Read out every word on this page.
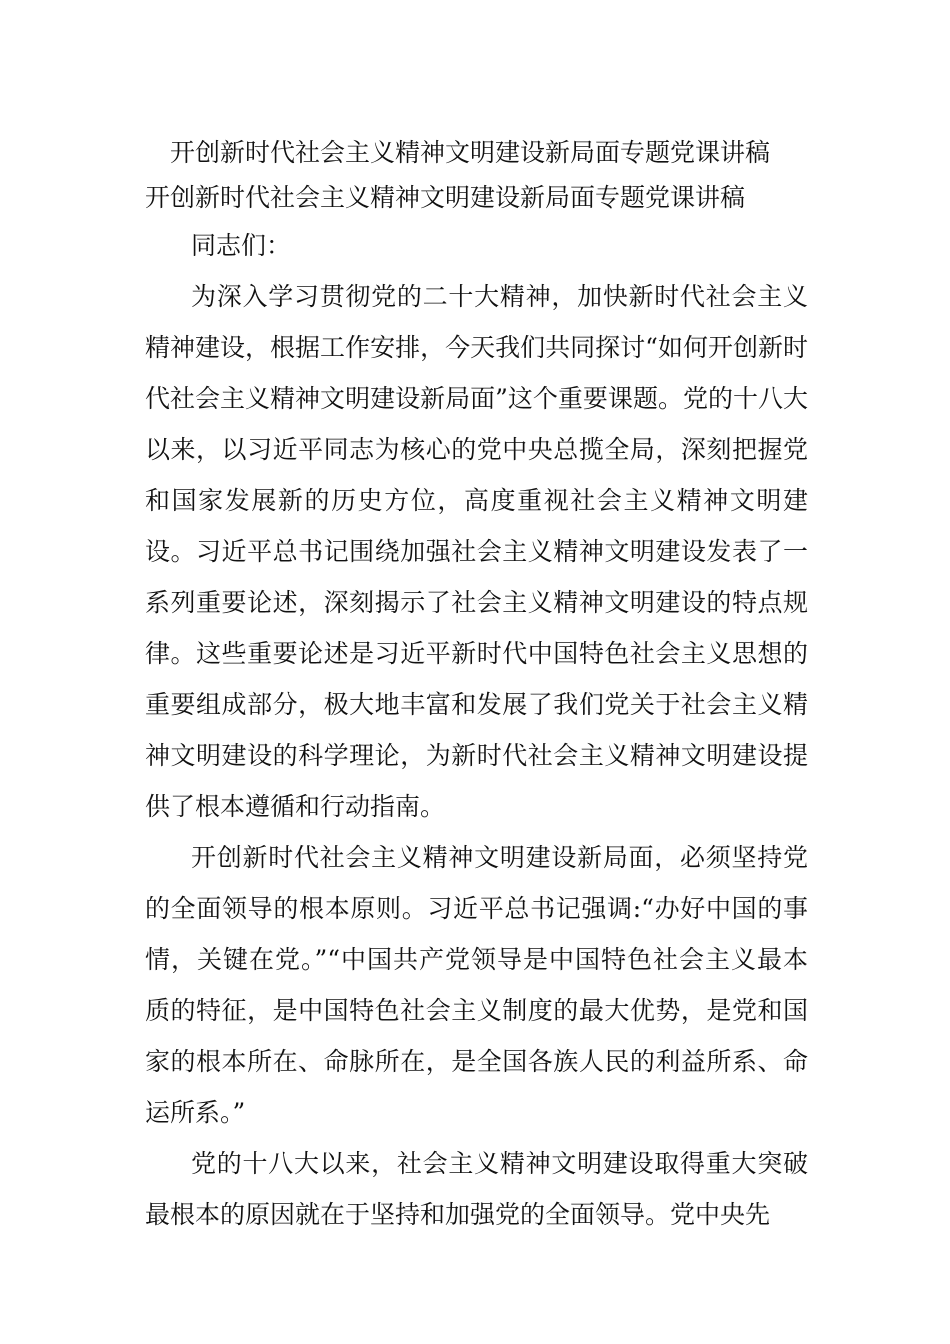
开创新时代社会主义精神文明建设新局面专题党课讲稿
开创新时代社会主义精神文明建设新局面专题党课讲稿

同志们：

为深入学习贯彻党的二十大精神，加快新时代社会主义精神建设，根据工作安排，今天我们共同探讨“如何开创新时代社会主义精神文明建设新局面”这个重要课题。党的十八大以来，以习近平同志为核心的党中央总揽全局，深刻把握党和国家发展新的历史方位，高度重视社会主义精神文明建设。习近平总书记围绕加强社会主义精神文明建设发表了一系列重要论述，深刻揭示了社会主义精神文明建设的特点规律。这些重要论述是习近平新时代中国特色社会主义思想的重要组成部分，极大地丰富和发展了我们党关于社会主义精神文明建设的科学理论，为新时代社会主义精神文明建设提供了根本遵循和行动指南。

开创新时代社会主义精神文明建设新局面，必须坚持党的全面领导的根本原则。习近平总书记强调:“办好中国的事情，关键在党。”“中国共产党领导是中国特色社会主义最本质的特征，是中国特色社会主义制度的最大优势，是党和国家的根本所在、命脉所在，是全国各族人民的利益所系、命运所系。”

党的十八大以来，社会主义精神文明建设取得重大突破最根本的原因就在于坚持和加强党的全面领导。党中央先
